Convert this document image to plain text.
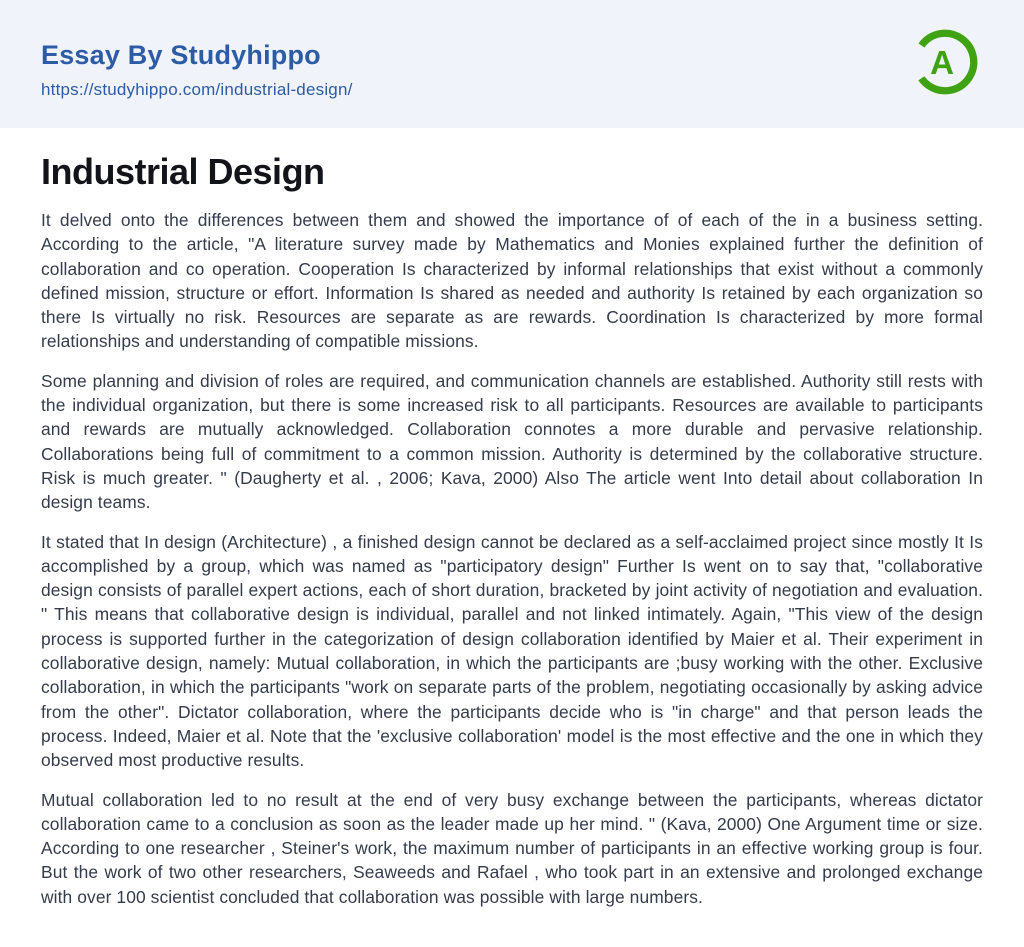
Essay By Studyhippo
https://studyhippo.com/industrial-design/
A
Industrial Design

It delved onto the differences between them and showed the importance of of each of the in a business setting. According to the article, "A literature survey made by Mathematics and Monies explained further the definition of collaboration and co operation. Cooperation Is characterized by informal relationships that exist without a commonly defined mission, structure or effort. Information Is shared as needed and authority Is retained by each organization so there Is virtually no risk. Resources are separate as are rewards. Coordination Is characterized by more formal relationships and understanding of compatible missions.

Some planning and division of roles are required, and communication channels are established. Authority still rests with the individual organization, but there is some increased risk to all participants. Resources are available to participants and rewards are mutually acknowledged. Collaboration connotes a more durable and pervasive relationship. Collaborations being full of commitment to a common mission. Authority is determined by the collaborative structure. Risk is much greater. " (Daugherty et al. , 2006; Kava, 2000) Also The article went Into detail about collaboration In design teams.

It stated that In design (Architecture) , a finished design cannot be declared as a self-acclaimed project since mostly It Is accomplished by a group, which was named as "participatory design" Further Is went on to say that, "collaborative design consists of parallel expert actions, each of short duration, bracketed by joint activity of negotiation and evaluation. " This means that collaborative design is individual, parallel and not linked intimately. Again, "This view of the design process is supported further in the categorization of design collaboration identified by Maier et al. Their experiment in collaborative design, namely: Mutual collaboration, in which the participants are ;busy working with the other. Exclusive collaboration, in which the participants "work on separate parts of the problem, negotiating occasionally by asking advice from the other". Dictator collaboration, where the participants decide who is "in charge" and that person leads the process. Indeed, Maier et al. Note that the 'exclusive collaboration' model is the most effective and the one in which they observed most productive results.

Mutual collaboration led to no result at the end of very busy exchange between the participants, whereas dictator collaboration came to a conclusion as soon as the leader made up her mind. " (Kava, 2000) One Argument time or size. According to one researcher , Steiner's work, the maximum number of participants in an effective working group is four. But the work of two other researchers, Seaweeds and Rafael , who took part in an extensive and prolonged exchange with over 100 scientist concluded that collaboration was possible with large numbers.
